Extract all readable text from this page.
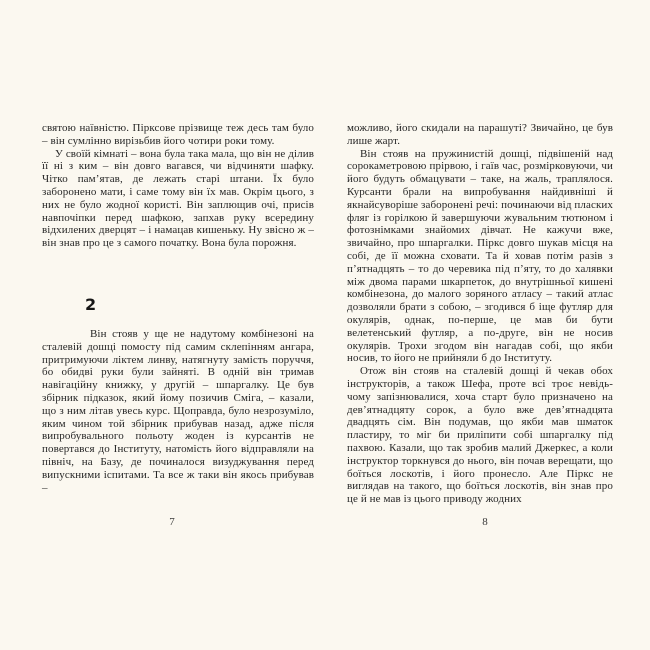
святою наївністю. Пірксове прізвище теж десь там було – він сумлінно вирізьбив його чотири роки тому.

У своїй кімнаті – вона була така мала, що він не ділив її ні з ким – він довго вагався, чи відчиняти шафку. Чітко пам’ятав, де лежать старі штани. Їх було заборонено мати, і саме тому він їх мав. Окрім цього, з них не було жодної користі. Він заплющив очі, присів навпочіпки перед шафкою, запхав руку всередину відхилених дверцят – і намацав кишеньку. Ну звісно ж – він знав про це з самого початку. Вона була порожня.

2

Він стояв у ще не надутому комбінезоні на сталевій дошці помосту під самим склепінням ангара, притримуючи ліктем линву, натягнуту замість поруччя, бо обидві руки були зайняті. В одній він тримав навігаційну книжку, у другій – шпаргалку. Це був збірник підказок, який йому позичив Сміга, – казали, що з ним літав увесь курс. Щоправда, було незрозуміло, яким чином той збірник прибував назад, адже після випробувального польоту жоден із курсантів не повертався до Інституту, натомість його відправляли на північ, на Базу, де починалося визуджування перед випускними іспитами. Та все ж таки він якось прибував –

можливо, його скидали на парашуті? Звичайно, це був лише жарт.

Він стояв на пружинистій дошці, підвішеній над сорокаметровою прірвою, і гаїв час, розмірковуючи, чи його будуть обмацувати – таке, на жаль, траплялося. Курсанти брали на випробування найдивніші й якнайсуворіше заборонені речі: починаючи від пласких фляг із горілкою й завершуючи жувальним тютюном і фотознімками знайомих дівчат. Не кажучи вже, звичайно, про шпаргалки. Піркс довго шукав місця на собі, де її можна сховати. Та й ховав потім разів з п’ятнадцять – то до черевика під п’яту, то до халявки між двома парами шкарпеток, до внутрішньої кишені комбінезона, до малого зоряного атласу – такий атлас дозволяли брати з собою, – згодився б іще футляр для окулярів, однак, по-перше, це мав би бути велетенський футляр, а по-друге, він не носив окулярів. Трохи згодом він нагадав собі, що якби носив, то його не прийняли б до Інституту.

Отож він стояв на сталевій дошці й чекав обох інструкторів, а також Шефа, проте всі троє невідь-чому запізнювалися, хоча старт було призначено на дев’ятнадцяту сорок, а було вже дев’ятнадцята двадцять сім. Він подумав, що якби мав шматок пластиру, то міг би приліпити собі шпаргалку під пахвою. Казали, що так зробив малий Джеркес, а коли інструктор торкнувся до нього, він почав верещати, що боїться лоскотів, і його пронесло. Але Піркс не виглядав на такого, що боїться лоскотів, він знав про це й не мав із цього приводу жодних

7	8
